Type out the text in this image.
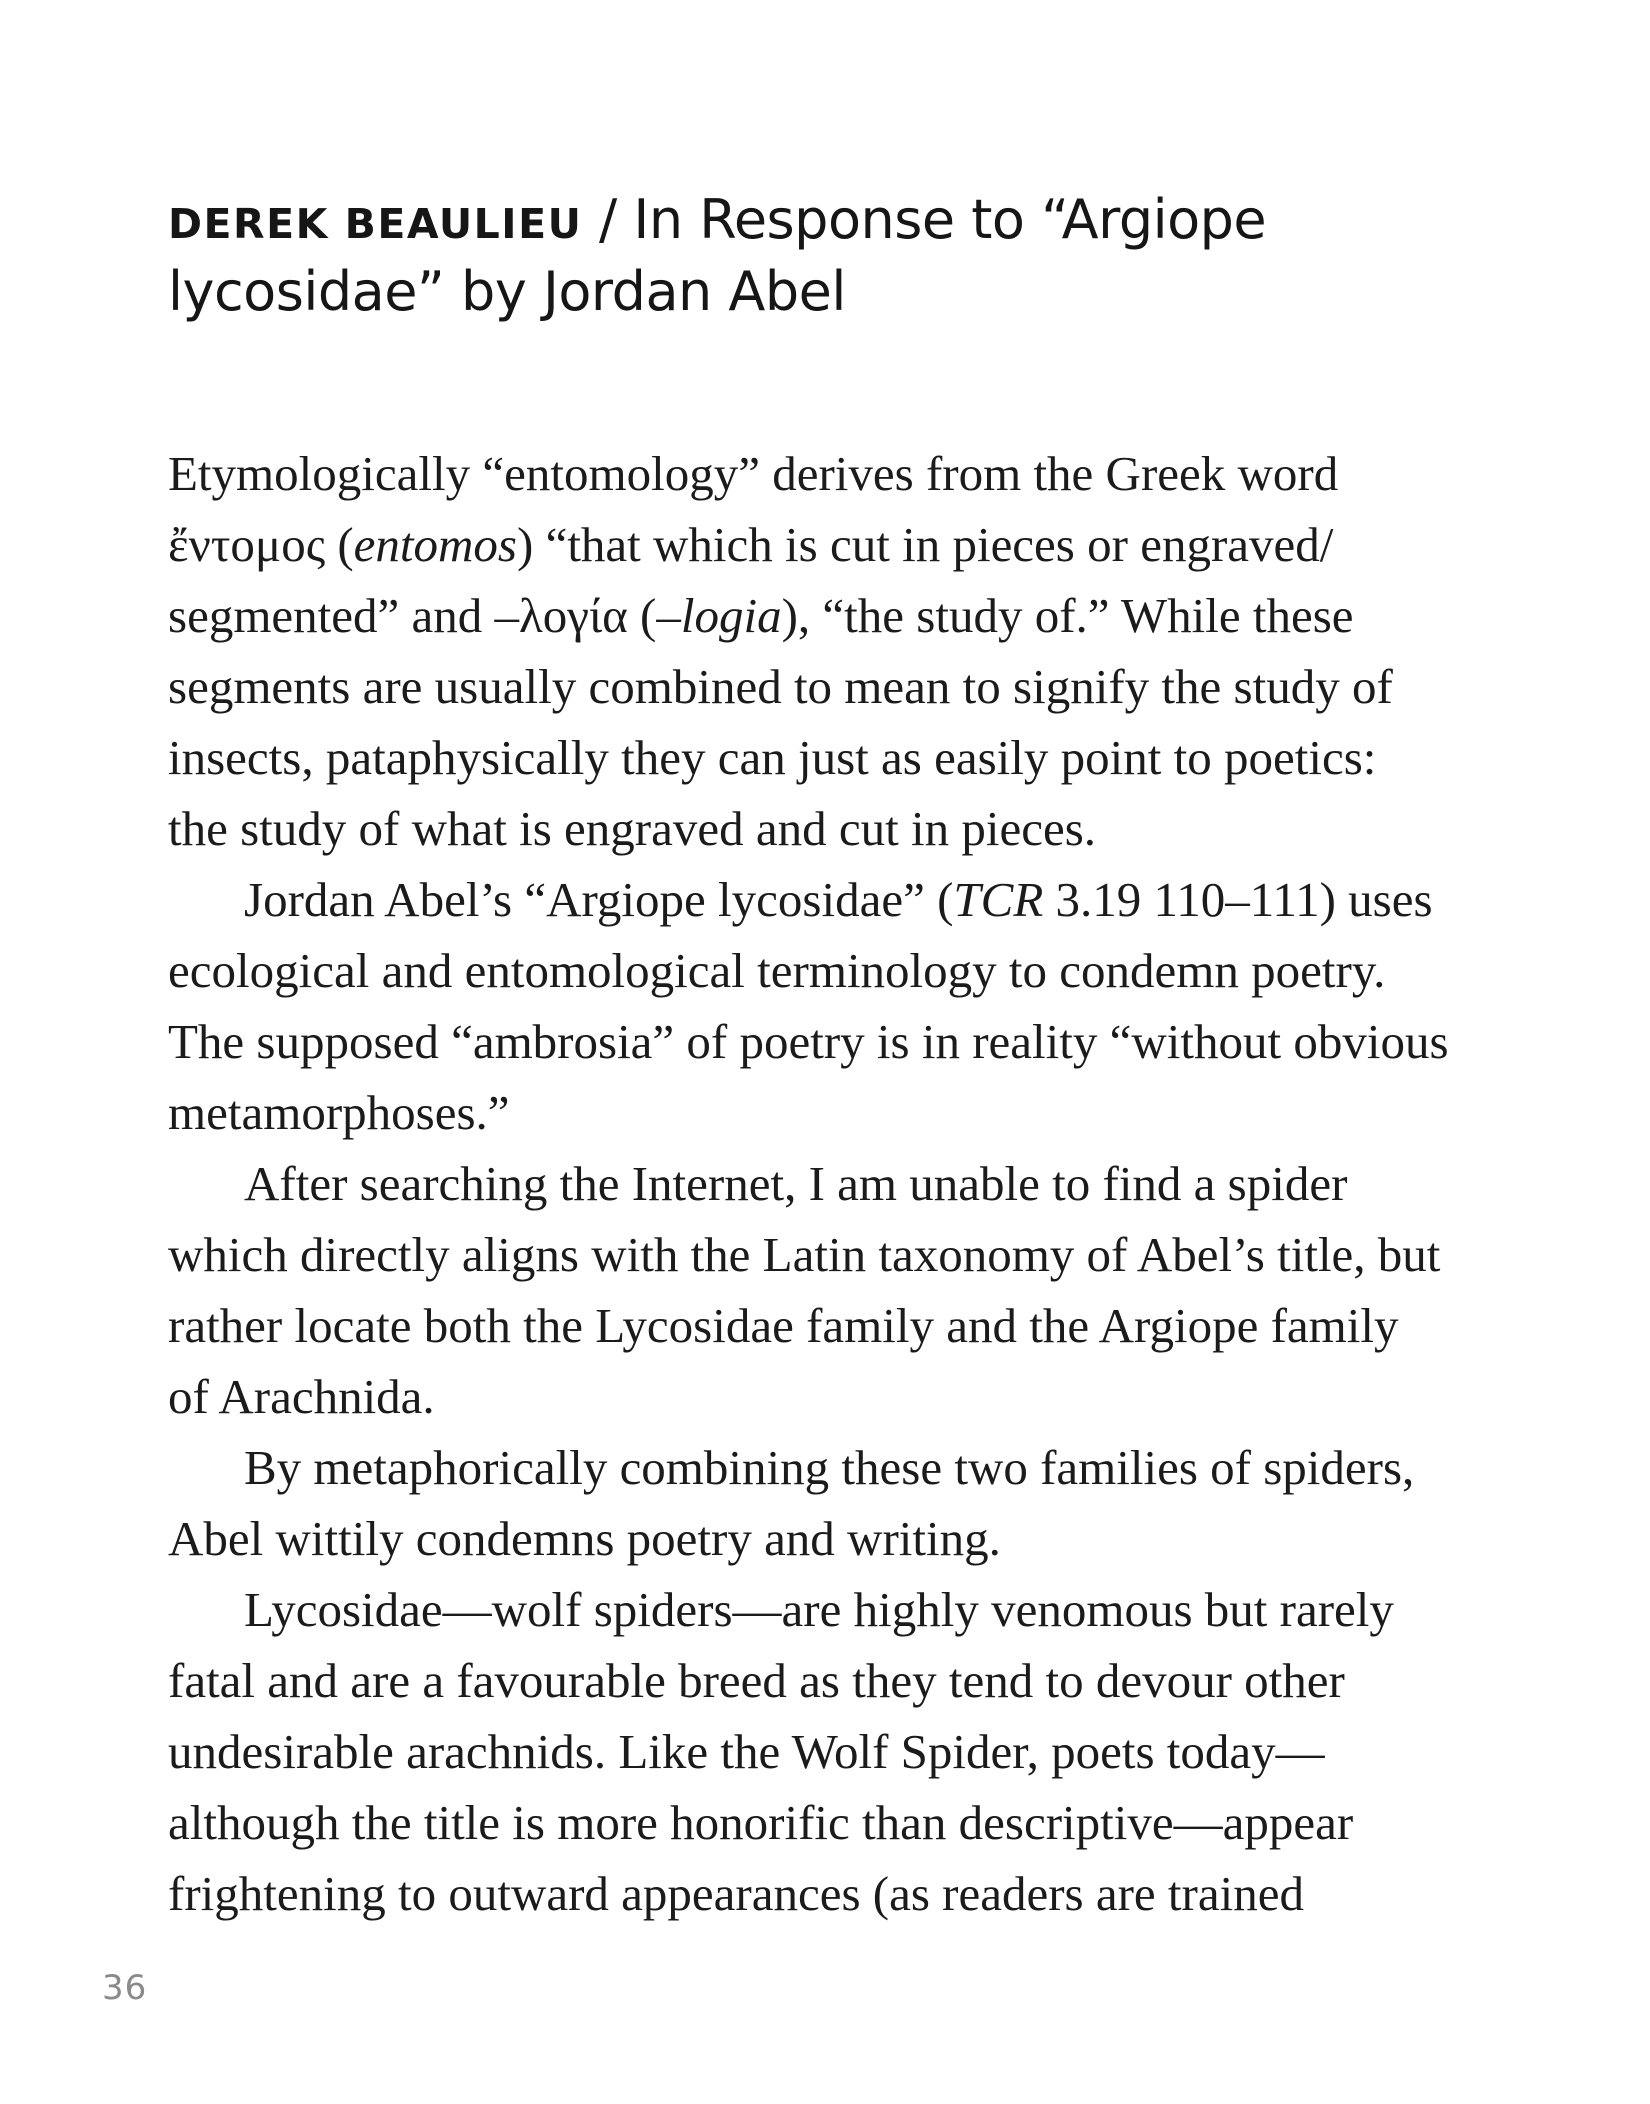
derek beaulieu / In Response to “Argiope
lycosidae” by Jordan Abel

Etymologically “entomology” derives from the Greek word
ἔντομος (entomos) “that which is cut in pieces or engraved/
segmented” and –λογία (–logia), “the study of.” While these
segments are usually combined to mean to signify the study of
insects, pataphysically they can just as easily point to poetics:
the study of what is engraved and cut in pieces.

Jordan Abel’s “Argiope lycosidae” (TCR 3.19 110–111) uses
ecological and entomological terminology to condemn poetry.
The supposed “ambrosia” of poetry is in reality “without obvious
metamorphoses.”

After searching the Internet, I am unable to find a spider
which directly aligns with the Latin taxonomy of Abel’s title, but
rather locate both the Lycosidae family and the Argiope family
of Arachnida.

By metaphorically combining these two families of spiders,
Abel wittily condemns poetry and writing.

Lycosidae—wolf spiders—are highly venomous but rarely
fatal and are a favourable breed as they tend to devour other
undesirable arachnids. Like the Wolf Spider, poets today—
although the title is more honorific than descriptive—appear
frightening to outward appearances (as readers are trained

36
